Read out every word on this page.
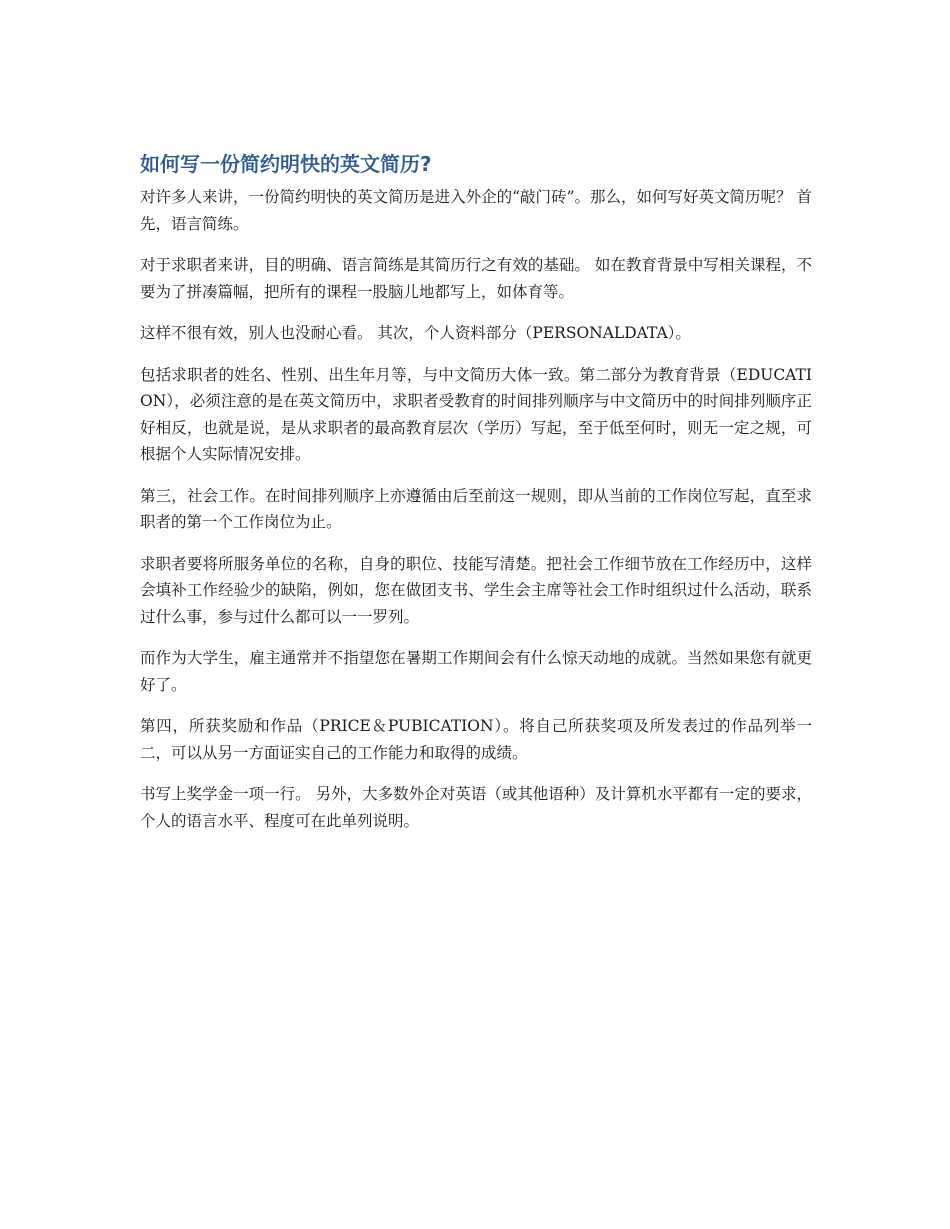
如何写一份简约明快的英文简历?

对许多人来讲，一份简约明快的英文简历是进入外企的“敲门砖”。那么，如何写好英文简历呢？ 首先，语言简练。

对于求职者来讲，目的明确、语言简练是其简历行之有效的基础。 如在教育背景中写相关课程，不要为了拼凑篇幅，把所有的课程一股脑儿地都写上，如体育等。

这样不很有效，别人也没耐心看。 其次，个人资料部分（PERSONALDATA）。

包括求职者的姓名、性别、出生年月等，与中文简历大体一致。第二部分为教育背景（EDUCATION），必须注意的是在英文简历中，求职者受教育的时间排列顺序与中文简历中的时间排列顺序正好相反，也就是说，是从求职者的最高教育层次（学历）写起，至于低至何时，则无一定之规，可根据个人实际情况安排。

第三，社会工作。在时间排列顺序上亦遵循由后至前这一规则，即从当前的工作岗位写起，直至求职者的第一个工作岗位为止。

求职者要将所服务单位的名称，自身的职位、技能写清楚。把社会工作细节放在工作经历中，这样会填补工作经验少的缺陷，例如，您在做团支书、学生会主席等社会工作时组织过什么活动，联系过什么事，参与过什么都可以一一罗列。

而作为大学生，雇主通常并不指望您在暑期工作期间会有什么惊天动地的成就。当然如果您有就更好了。

第四，所获奖励和作品（PRICE＆PUBICATION）。将自己所获奖项及所发表过的作品列举一二，可以从另一方面证实自己的工作能力和取得的成绩。

书写上奖学金一项一行。 另外，大多数外企对英语（或其他语种）及计算机水平都有一定的要求，个人的语言水平、程度可在此单列说明。
